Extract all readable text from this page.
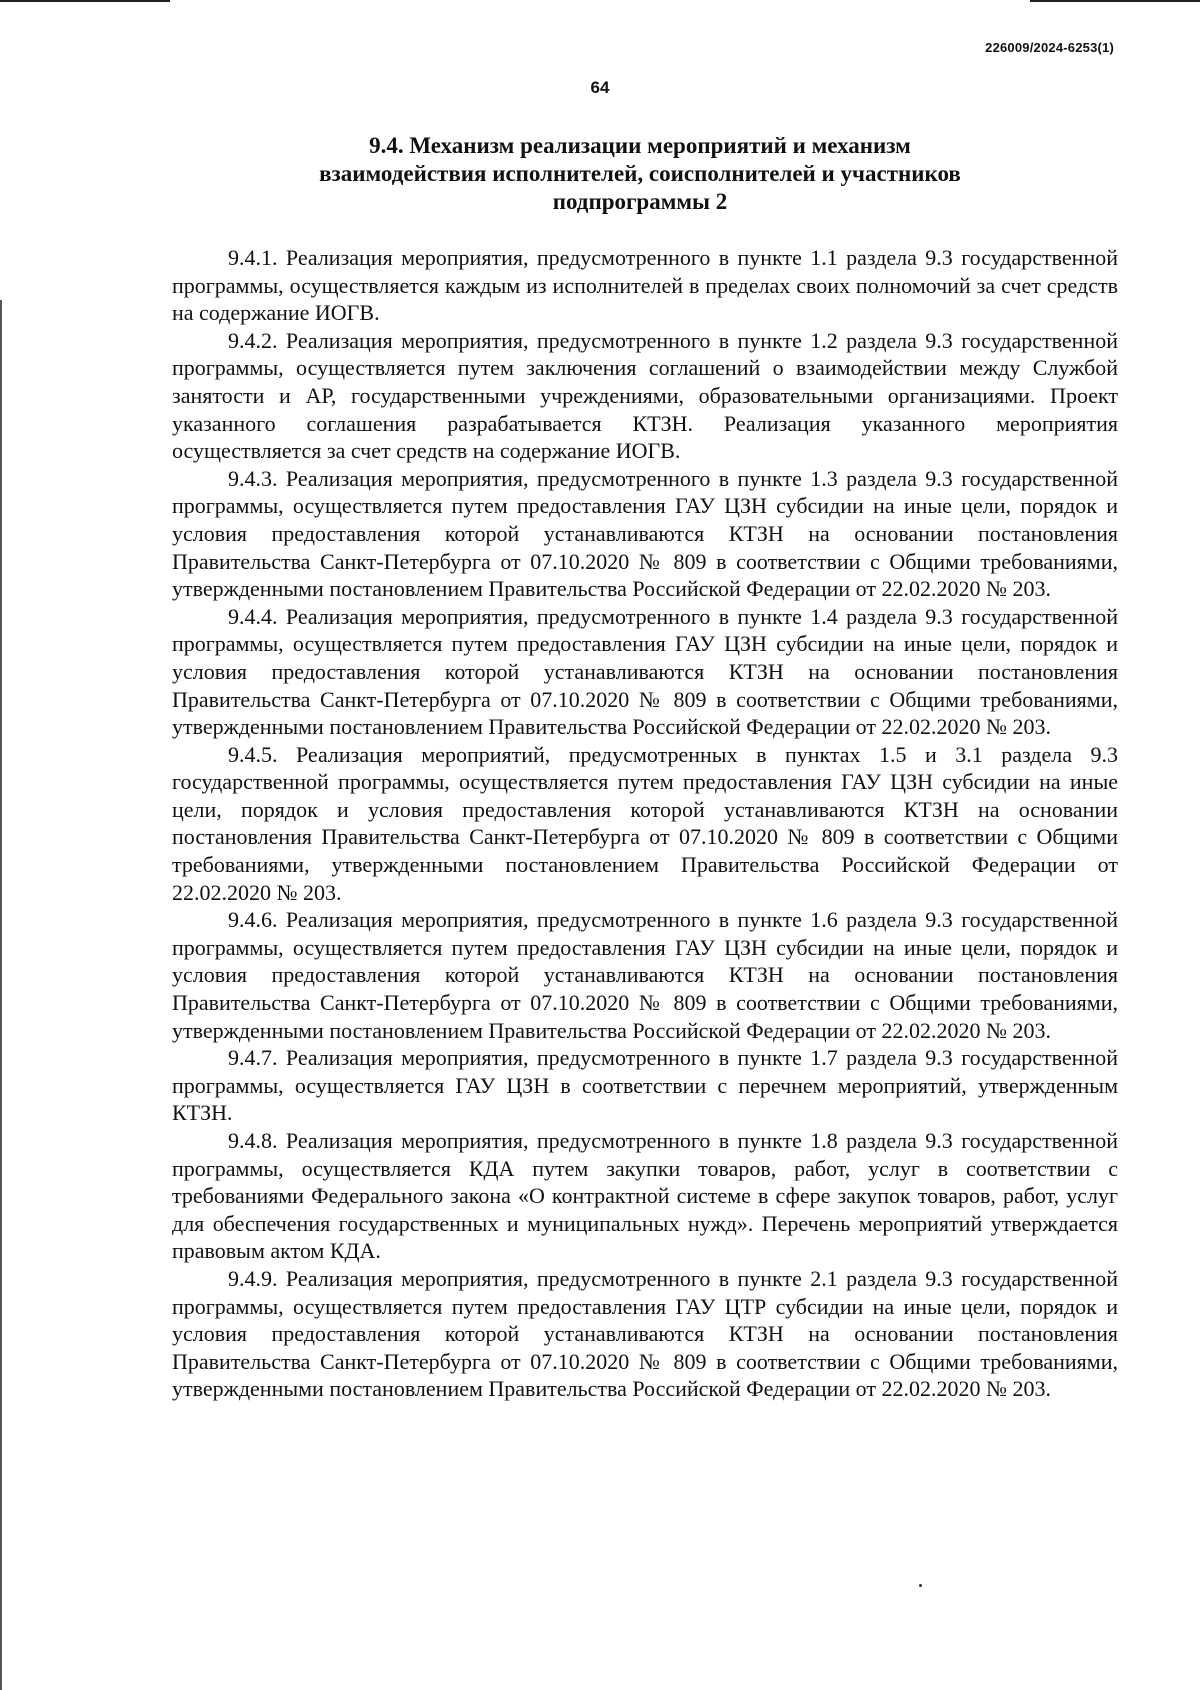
226009/2024-6253(1)
64
9.4. Механизм реализации мероприятий и механизм
взаимодействия исполнителей, соисполнителей и участников
подпрограммы 2

9.4.1. Реализация мероприятия, предусмотренного в пункте 1.1 раздела 9.3 государственной программы, осуществляется каждым из исполнителей в пределах своих полномочий за счет средств на содержание ИОГВ.

9.4.2. Реализация мероприятия, предусмотренного в пункте 1.2 раздела 9.3 государственной программы, осуществляется путем заключения соглашений о взаимодействии между Службой занятости и АР, государственными учреждениями, образовательными организациями. Проект указанного соглашения разрабатывается КТЗН. Реализация указанного мероприятия осуществляется за счет средств на содержание ИОГВ.

9.4.3. Реализация мероприятия, предусмотренного в пункте 1.3 раздела 9.3 государственной программы, осуществляется путем предоставления ГАУ ЦЗН субсидии на иные цели, порядок и условия предоставления которой устанавливаются КТЗН на основании постановления Правительства Санкт-Петербурга от 07.10.2020 № 809 в соответствии с Общими требованиями, утвержденными постановлением Правительства Российской Федерации от 22.02.2020 № 203.

9.4.4. Реализация мероприятия, предусмотренного в пункте 1.4 раздела 9.3 государственной программы, осуществляется путем предоставления ГАУ ЦЗН субсидии на иные цели, порядок и условия предоставления которой устанавливаются КТЗН на основании постановления Правительства Санкт-Петербурга от 07.10.2020 № 809 в соответствии с Общими требованиями, утвержденными постановлением Правительства Российской Федерации от 22.02.2020 № 203.

9.4.5. Реализация мероприятий, предусмотренных в пунктах 1.5 и 3.1 раздела 9.3 государственной программы, осуществляется путем предоставления ГАУ ЦЗН субсидии на иные цели, порядок и условия предоставления которой устанавливаются КТЗН на основании постановления Правительства Санкт-Петербурга от 07.10.2020 № 809 в соответствии с Общими требованиями, утвержденными постановлением Правительства Российской Федерации от 22.02.2020 № 203.

9.4.6. Реализация мероприятия, предусмотренного в пункте 1.6 раздела 9.3 государственной программы, осуществляется путем предоставления ГАУ ЦЗН субсидии на иные цели, порядок и условия предоставления которой устанавливаются КТЗН на основании постановления Правительства Санкт-Петербурга от 07.10.2020 № 809 в соответствии с Общими требованиями, утвержденными постановлением Правительства Российской Федерации от 22.02.2020 № 203.

9.4.7. Реализация мероприятия, предусмотренного в пункте 1.7 раздела 9.3 государственной программы, осуществляется ГАУ ЦЗН в соответствии с перечнем мероприятий, утвержденным КТЗН.

9.4.8. Реализация мероприятия, предусмотренного в пункте 1.8 раздела 9.3 государственной программы, осуществляется КДА путем закупки товаров, работ, услуг в соответствии с требованиями Федерального закона «О контрактной системе в сфере закупок товаров, работ, услуг для обеспечения государственных и муниципальных нужд». Перечень мероприятий утверждается правовым актом КДА.

9.4.9. Реализация мероприятия, предусмотренного в пункте 2.1 раздела 9.3 государственной программы, осуществляется путем предоставления ГАУ ЦТР субсидии на иные цели, порядок и условия предоставления которой устанавливаются КТЗН на основании постановления Правительства Санкт-Петербурга от 07.10.2020 № 809 в соответствии с Общими требованиями, утвержденными постановлением Правительства Российской Федерации от 22.02.2020 № 203.
